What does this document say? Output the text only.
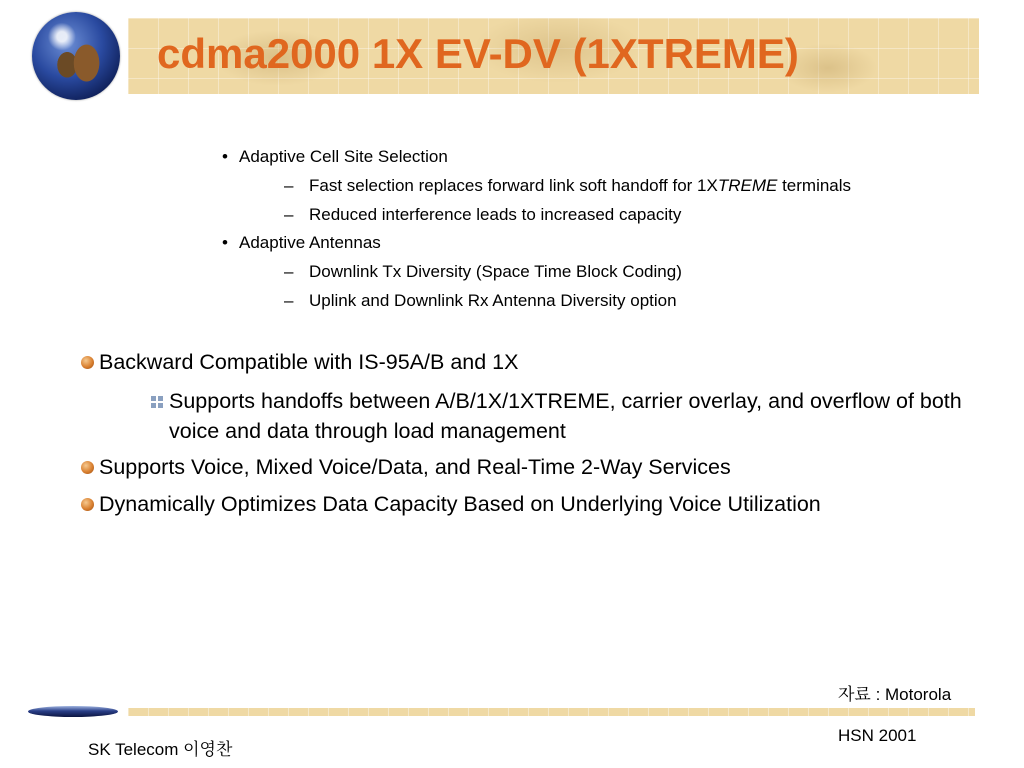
cdma2000 1X EV-DV (1XTREME)
• Adaptive Cell Site Selection
– Fast selection replaces forward link soft handoff for 1XTREME terminals
– Reduced interference leads to increased capacity
• Adaptive Antennas
– Downlink Tx Diversity (Space Time Block Coding)
– Uplink and Downlink Rx Antenna Diversity option
Backward Compatible with IS-95A/B and 1X
Supports handoffs between A/B/1X/1XTREME, carrier overlay, and overflow of both voice and data through load management
Supports Voice, Mixed Voice/Data, and Real-Time 2-Way Services
Dynamically Optimizes Data Capacity Based on Underlying Voice Utilization
자료 : Motorola
HSN 2001
SK Telecom 이영찬
